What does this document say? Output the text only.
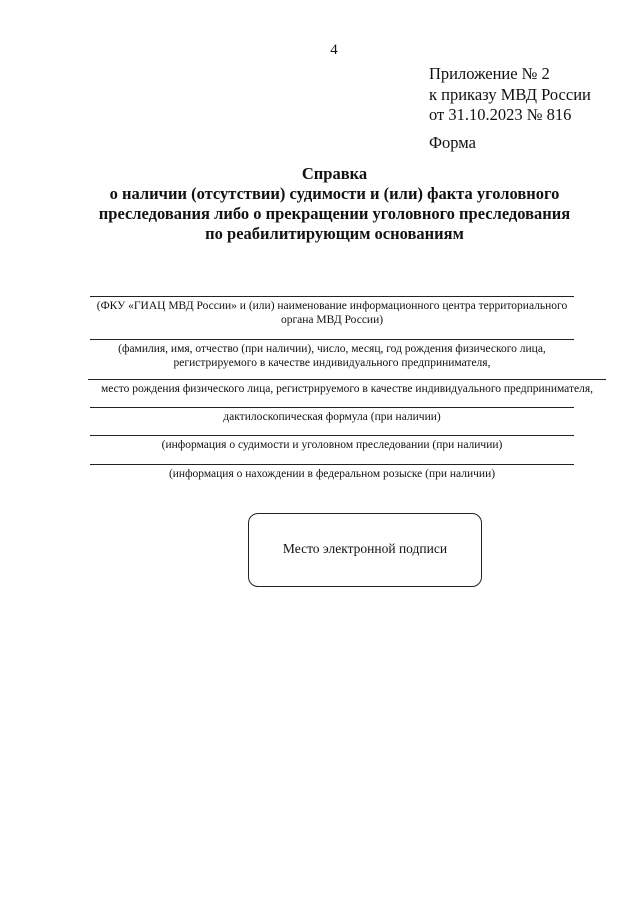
4
Приложение № 2
к приказу МВД России
от 31.10.2023 № 816
Форма
Справка
о наличии (отсутствии) судимости и (или) факта уголовного
преследования либо о прекращении уголовного преследования
по реабилитирующим основаниям
(ФКУ «ГИАЦ МВД России» и (или) наименование информационного центра территориального
органа МВД России)
(фамилия, имя, отчество (при наличии), число, месяц, год рождения физического лица,
регистрируемого в качестве индивидуального предпринимателя,
место рождения физического лица, регистрируемого в качестве индивидуального предпринимателя,
дактилоскопическая формула (при наличии)
(информация о судимости и уголовном преследовании (при наличии)
(информация о нахождении в федеральном розыске (при наличии)
Место электронной подписи
